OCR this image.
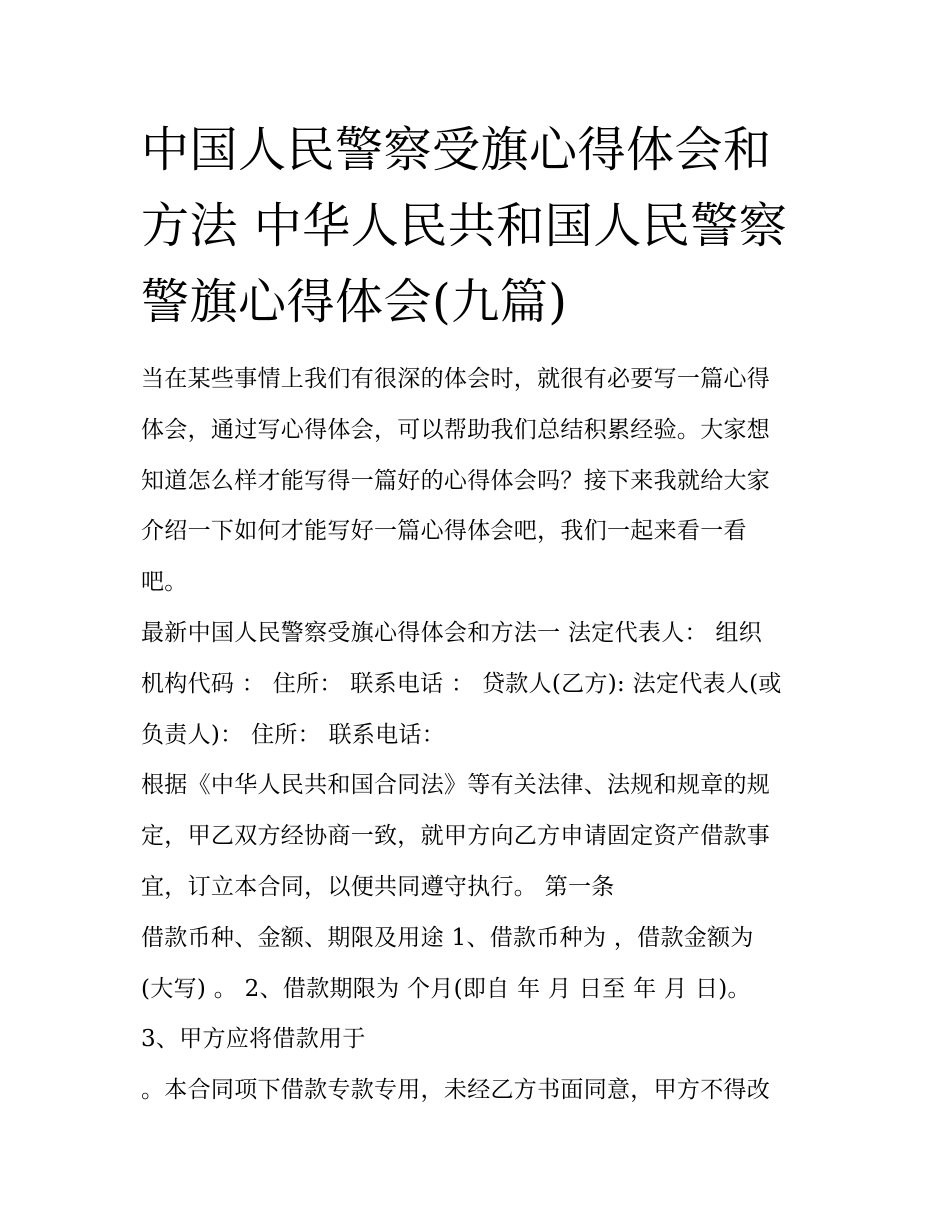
中国人民警察受旗心得体会和
方法 中华人民共和国人民警察
警旗心得体会(九篇)
当在某些事情上我们有很深的体会时，就很有必要写一篇心得
体会，通过写心得体会，可以帮助我们总结积累经验。大家想
知道怎么样才能写得一篇好的心得体会吗？接下来我就给大家
介绍一下如何才能写好一篇心得体会吧，我们一起来看一看
吧。
最新中国人民警察受旗心得体会和方法一 法定代表人： 组织
机构代码 ： 住所： 联系电话 ： 贷款人(乙方): 法定代表人(或
负责人)： 住所： 联系电话：
根据《中华人民共和国合同法》等有关法律、法规和规章的规
定，甲乙双方经协商一致，就甲方向乙方申请固定资产借款事
宜，订立本合同，以便共同遵守执行。 第一条
借款币种、金额、期限及用途 1、借款币种为 ，借款金额为
(大写) 。 2、借款期限为 个月(即自 年 月 日至 年 月 日)。
3、甲方应将借款用于
。本合同项下借款专款专用，未经乙方书面同意，甲方不得改
